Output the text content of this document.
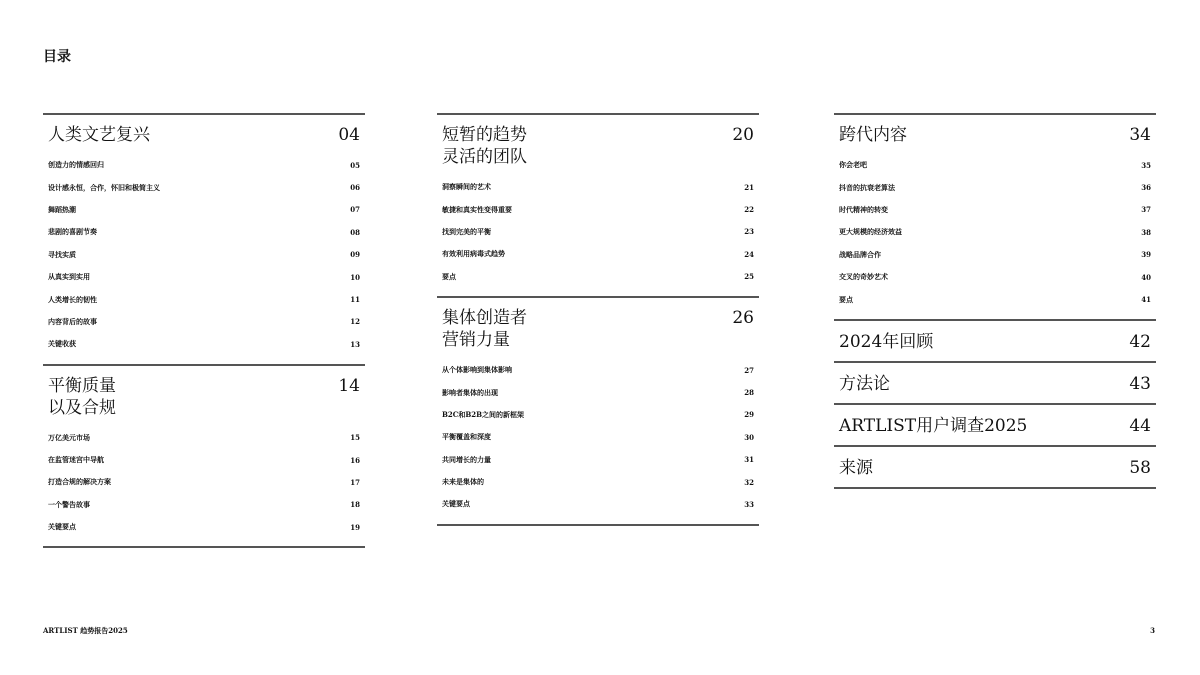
目录
人类文艺复兴	04
创造力的情感回归	05
设计感永恒，合作，怀旧和极简主义	06
舞蹈热潮	07
悲剧的喜剧节奏	08
寻找实质	09
从真实到实用	10
人类增长的韧性	11
内容背后的故事	12
关键收获	13
平衡质量
以及合规
14
万亿美元市场	15
在监管迷宫中导航	16
打造合规的解决方案	17
一个警告故事	18
关键要点	19
短暂的趋势
灵活的团队
20
洞察瞬间的艺术	21
敏捷和真实性变得重要	22
找到完美的平衡	23
有效利用病毒式趋势	24
要点	25
集体创造者
营销力量
26
从个体影响到集体影响	27
影响者集体的出现	28
B2C和B2B之间的新框架	29
平衡覆盖和深度	30
共同增长的力量	31
未来是集体的	32
关键要点	33
跨代内容	34
你会老吧	35
抖音的抗衰老算法	36
时代精神的转变	37
更大规模的经济效益	38
战略品牌合作	39
交叉的奇妙艺术	40
要点	41
2024年回顾	42
方法论	43
ARTLIST用户调查2025	44
来源	58
ARTLIST 趋势报告2025	3
